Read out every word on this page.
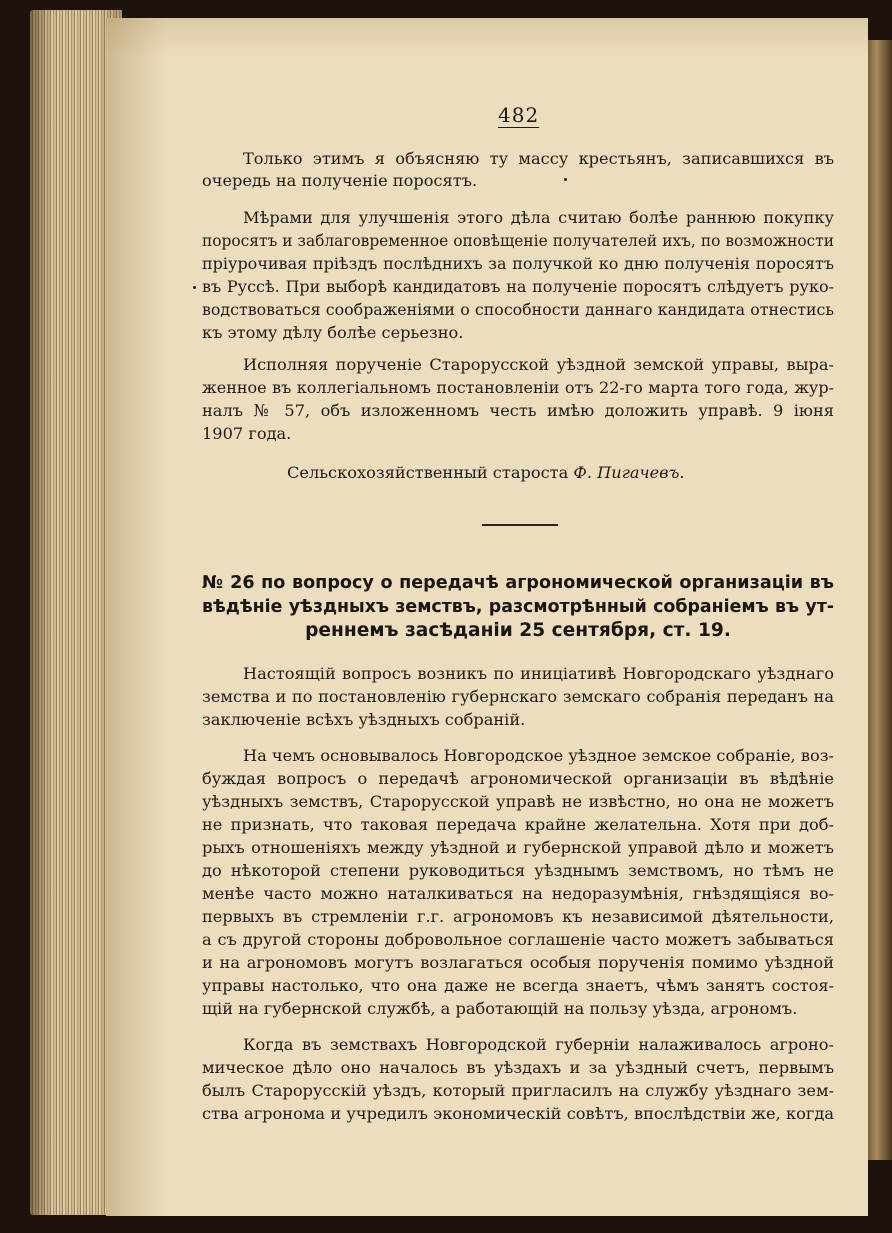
482
Только этимъ я объясняю ту массу крестьянъ, записавшихся въ
очередь на полученіе поросятъ.
Мѣрами для улучшенія этого дѣла считаю болѣе раннюю покупку
поросятъ и заблаговременное оповѣщеніе получателей ихъ, по возможности
пріурочивая пріѣздъ послѣднихъ за получкой ко дню полученія поросятъ
въ Руссѣ. При выборѣ кандидатовъ на полученіе поросятъ слѣдуетъ руко-
водствоваться соображеніями о способности даннаго кандидата отнестись
къ этому дѣлу болѣе серьезно.
Исполняя порученіе Старорусской уѣздной земской управы, выра-
женное въ коллегіальномъ постановленіи отъ 22-го марта того года, жур-
налъ № 57, объ изложенномъ честь имѣю доложить управѣ. 9 іюня
1907 года.
Сельскохозяйственный староста Ф. Пигачевъ.
№ 26 по вопросу о передачѣ агрономической организаціи въ
вѣдѣніе уѣздныхъ земствъ, разсмотрѣнный собраніемъ въ ут-
реннемъ засѣданіи 25 сентября, ст. 19.
Настоящій вопросъ возникъ по иниціативѣ Новгородскаго уѣзднаго
земства и по постановленію губернскаго земскаго собранія переданъ на
заключеніе всѣхъ уѣздныхъ собраній.
На чемъ основывалось Новгородское уѣздное земское собраніе, воз-
буждая вопросъ о передачѣ агрономической организаціи въ вѣдѣніе
уѣздныхъ земствъ, Старорусской управѣ не извѣстно, но она не можетъ
не признать, что таковая передача крайне желательна. Хотя при доб-
рыхъ отношеніяхъ между уѣздной и губернской управой дѣло и можетъ
до нѣкоторой степени руководиться уѣзднымъ земствомъ, но тѣмъ не
менѣе часто можно наталкиваться на недоразумѣнія, гнѣздящіяся во-
первыхъ въ стремленіи г.г. агрономовъ къ независимой дѣятельности,
а съ другой стороны добровольное соглашеніе часто можетъ забываться
и на агрономовъ могутъ возлагаться особыя порученія помимо уѣздной
управы настолько, что она даже не всегда знаетъ, чѣмъ занятъ состоя-
щій на губернской службѣ, а работающій на пользу уѣзда, агрономъ.
Когда въ земствахъ Новгородской губерніи налаживалось агроно-
мическое дѣло оно началось въ уѣздахъ и за уѣздный счетъ, первымъ
былъ Старорусскій уѣздъ, который пригласилъ на службу уѣзднаго зем-
ства агронома и учредилъ экономическій совѣтъ, впослѣдствіи же, когда
